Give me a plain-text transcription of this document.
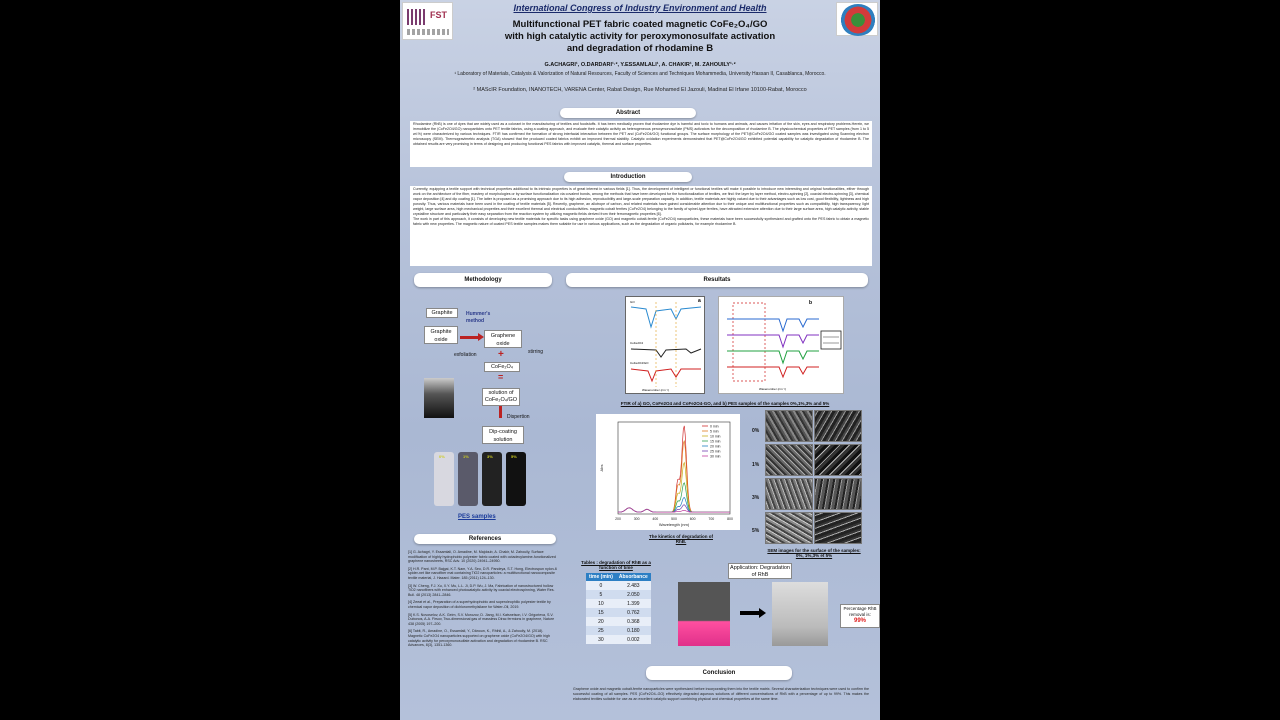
FST
International Congress of Industry Environment and Health
Multifunctional PET fabric coated magnetic CoFe₂O₄/GO
with high catalytic activity for peroxymonosulfate activation
and degradation of rhodamine B
G.ACHAGRI¹, O.DARDARI¹·², Y.ESSAMLALI¹, A. CHAKIR¹, M. ZAHOUILY¹·²
¹ Laboratory of Materials, Catalysis & Valorization of Natural Resources, Faculty of Sciences and Techniques Mohammedia, University Hassan II, Casablanca, Morocco.
² MAScIR Foundation, INANOTECH, VARENA Center, Rabat Design, Rue Mohamed El Jazouli, Madinat El Irfane 10100-Rabat, Morocco
Abstract
Rhodamine (RhB) is one of dyes that are widely used as a colorant in the manufacturing of textiles and foodstuffs. It has been medically proven that rhodamine dye is harmful and toxic to humans and animals, and causes irritation of the skin, eyes and respiratory problems.Herein, we immobilize the (CoFe2O4/GO) nanoparticles onto PET textile fabrics, using a coating approach, and evaluate their catalytic activity as heterogeneous peroxymonosulfate (PMS) activators for the decomposition of rhodamine B. The physicochemical properties of PET samples (from 1 to 5 wt.%) were characterized by various techniques. FTIR has confirmed the formation of strong interfacial interaction between the PET and (CoFe2O4/GO) functional groups. The surface morphology of the PET@CoFe2O4/GO coated samples was investigated using Scanning electron microscopy (SEM). Thermogravimetric analysis (TGA) showed that the produced coated fabrics exhibit an improved thermal stability. Catalytic oxidation experiments demonstrated that PET@CoFe2O4/GO exhibited potential capability for catalytic degradation of rhodamine B. The obtained results are very promising in terms of designing and producing functional PES fabrics with improved catalytic, thermal and surface properties.
Introduction
Currently, equipping a textile support with technical properties additional to its intrinsic properties is of great interest in various fields [1]. Thus, the development of intelligent or functional textiles will make it possible to introduce new interesting and original functionalities, either through work on the architecture of the fiber, mastery of morphologies or by surface functionalization via covalent bonds, among the methods that have been developed for the functionalization of textiles, we find: the layer by layer method, electro-spinning [2], coaxial electro-spinning [3], chemical vapor deposition [4] and dip coating [1]. The latter is proposed as a promising approach due to its high adhesion, reproducibility and large-scale preparation capacity. In addition, textile materials are highly valued due to their advantages such as low cost, good flexibility, lightness and high porosity. Thus, various materials have been used in the coating of textile materials [5]. Recently, graphene, an allotrope of carbon, and related materials have gained considerable attention due to their unique and multifunctional properties such as compatibility, high transparency, light weight, large surface area, high mechanical properties and their excellent thermal and electrical conductivities. magnetic cobalt ferrites (CoFe2O4) belonging to the family of spinel-type ferrites, have attracted extensive attention due to their large surface area, high catalytic activity, stable crystalline structure and particularly their easy separation from the reaction system by utilizing magnetic fields derived from their ferromagnetic properties [6].
The work in part of this approach, it consists of developing new textile materials for specific tasks using graphene oxide (GO) and magnetic cobalt-ferrite (CoFe2O4) nanoparticles, these materials have been successfully synthesized and grafted onto the PES fabric to obtain a magnetic fabric with new properties. The magnetic nature of coated PES textile samples makes them suitable for use in various applications, such as the degradation of organic pollutants, for example rhodamine B.
Methodology
Graphite	Hummer's method
Graphite oxide
exfoliation
Graphene oxide
+	stirring
CoFe₂O₄
=
solution of CoFe₂O₄/GO
Dispertion
Dip-coating solution
0%	1%	3%	5%
PES samples
References
[1] G. Achagri, Y. Essamlali, O. Amadine, M. Majdoub, A. Chakir, M. Zahouily, Surface modification of highly hydrophobic polyester fabric coated with octadecylamine-functionalized graphene nanosheets, RSC Adv. 10 (2020) 24941–24950.
[2] H.R. Pant, M.P. Bajgai, K.T. Nam, Y.A. Seo, D.R. Pandeya, S.T. Hong, Electrospun nylon-6 spider-net like nanofiber mat containing TiO2 nanoparticles: a multifunctional nanocomposite textile material, J. Hazard. Mater. 185 (2011) 124–130.
[3] W. Cheng, F.J. Xu, X.Y. Mu, L.L. Ji, D.P. Wu, J. Ma, Fabrication of nanostructured hollow TiO2 nanofibers with enhanced photocatalytic activity by coaxial electrospinning, Water Res. Bull. 48 (2013) 2841–2846.
[4] Zeeat et al., Preparation of a superhydrophobic and superoleophilic polyester textile by chemical vapor deposition of dichloromethylsilane for Water-Oil, 2019.
[5] K.S. Novoselov, A.K. Geim, S.V. Morozov, D. Jiang, M.I. Katsnelson, I.V. Grigorieva, S.V. Dubonos, A.A. Firsov, Two-dimensional gas of massless Dirac fermions in graphene, Nature 438 (2005) 197–200.
[6] Tabit, R., Amadine, O., Essamlali, Y., Dânoun, K., Rhihil, A., & Zahouily, M. (2018). Magnetic CoFe2O4 nanoparticles supported on graphene oxide (CoFe2O4/GO) with high catalytic activity for peroxymonosulfate activation and degradation of rhodamine B. RSC Advances, 8(3), 1351-1360.
Resultats
a
GO
CoFe2O4
CoFe2O4/GO
Wavenumber (cm⁻¹)
b
Wavenumber (cm⁻¹)
FTIR of a) GO, CoFe2O4 and CoFe2O4-GO, and b) PES samples of the samples 0%,1%,3% and 5%
200	300	400	500	600	700	800
Wavelength (nm)
Abs
0 min
5 min
10 min
15 min
20 min
25 min
30 min
The kinetics of degradation of RhB.
0%
1%
3%
5%
SEM images for the surface of the samples: 0%, 1%,3% et 5%
Tables : degradation of RhB as a function of time
time (min)	Absorbance
0	2.483
5	2.050
10	1.399
15	0.762
20	0.368
25	0.180
30	0.002
Application: Degradation of RhB
Percentage RhB removal is:
99%
Conclusion
Graphene oxide and magnetic cobalt-ferrite nanoparticles were synthesized before incorporating them into the textile matrix. Several characterization techniques were used to confirm the successful coating of all samples. PES (CoFe2O4–GO) effectively degraded aqueous solutions of different concentrations of RhB with a percentage of up to 99%. This makes the elaborated textiles suitable for use as an excellent catalytic support combining physical and chemical properties at the same time.
